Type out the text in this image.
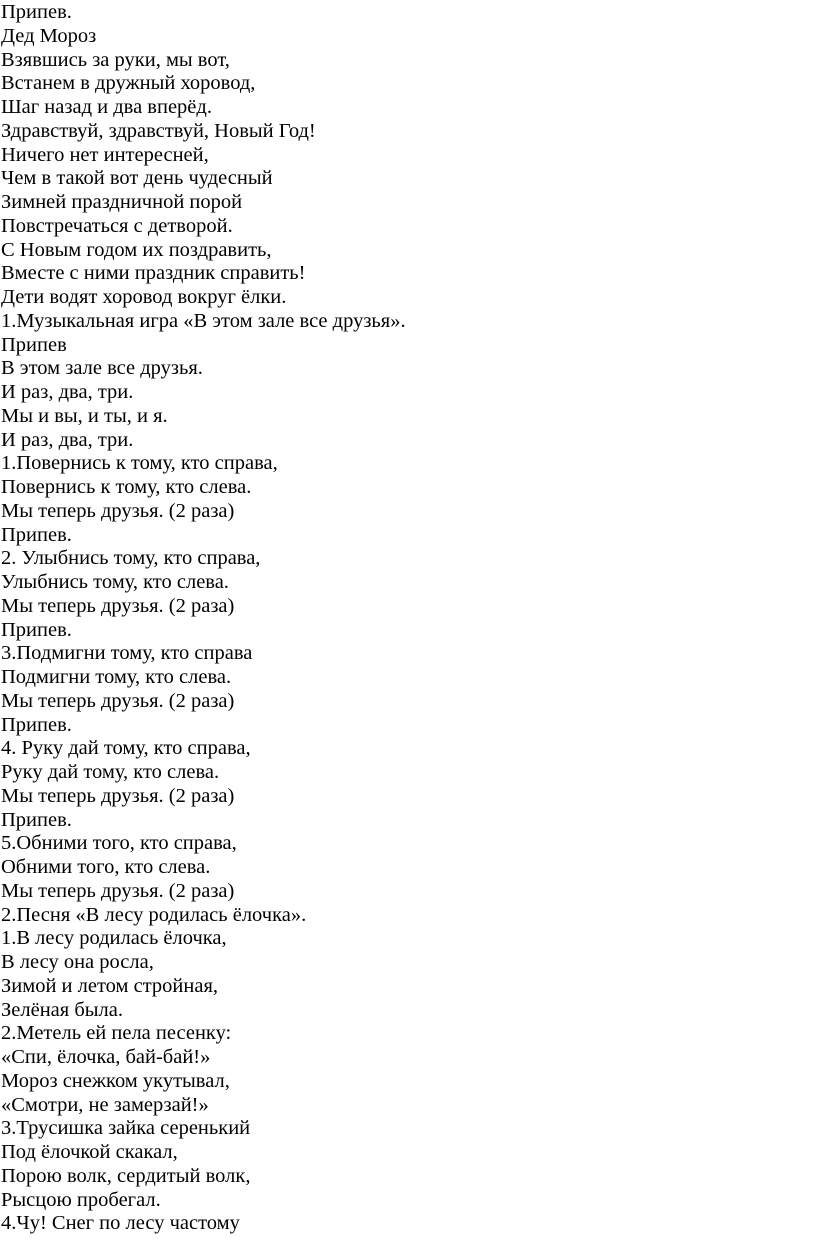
Припев.

Дед Мороз

Взявшись за руки, мы вот,

Встанем в дружный хоровод,

Шаг назад и два вперёд.

Здравствуй, здравствуй, Новый Год!

Ничего нет интересней,

Чем в такой вот день чудесный

Зимней праздничной порой

Повстречаться с детворой.

С Новым годом их поздравить,

Вместе с ними праздник справить!

Дети водят хоровод вокруг ёлки.

1.Музыкальная игра «В этом зале все друзья».

Припев

В этом зале все друзья.

И раз, два, три.

Мы и вы, и ты, и я.

И раз, два, три.

1.Повернись к тому, кто справа,

Повернись к тому, кто слева.

Мы теперь друзья. (2 раза)

Припев.

2. Улыбнись тому, кто справа,

Улыбнись тому, кто слева.

Мы теперь друзья. (2 раза)

Припев.

3.Подмигни тому, кто справа

Подмигни тому, кто слева.

Мы теперь друзья. (2 раза)

Припев.

4. Руку дай тому, кто справа,

Руку дай тому, кто слева.

Мы теперь друзья. (2 раза)

Припев.

5.Обними того, кто справа,

Обними того, кто слева.

Мы теперь друзья. (2 раза)

2.Песня «В лесу родилась ёлочка».

1.В лесу родилась ёлочка,

В лесу она росла,

Зимой и летом стройная,

Зелёная была.

2.Метель ей пела песенку:

«Спи, ёлочка, бай-бай!»

Мороз снежком укутывал,

«Смотри, не замерзай!»

3.Трусишка зайка серенький

Под ёлочкой скакал,

Порою волк, сердитый волк,

Рысцою пробегал.

4.Чу! Снег по лесу частому
